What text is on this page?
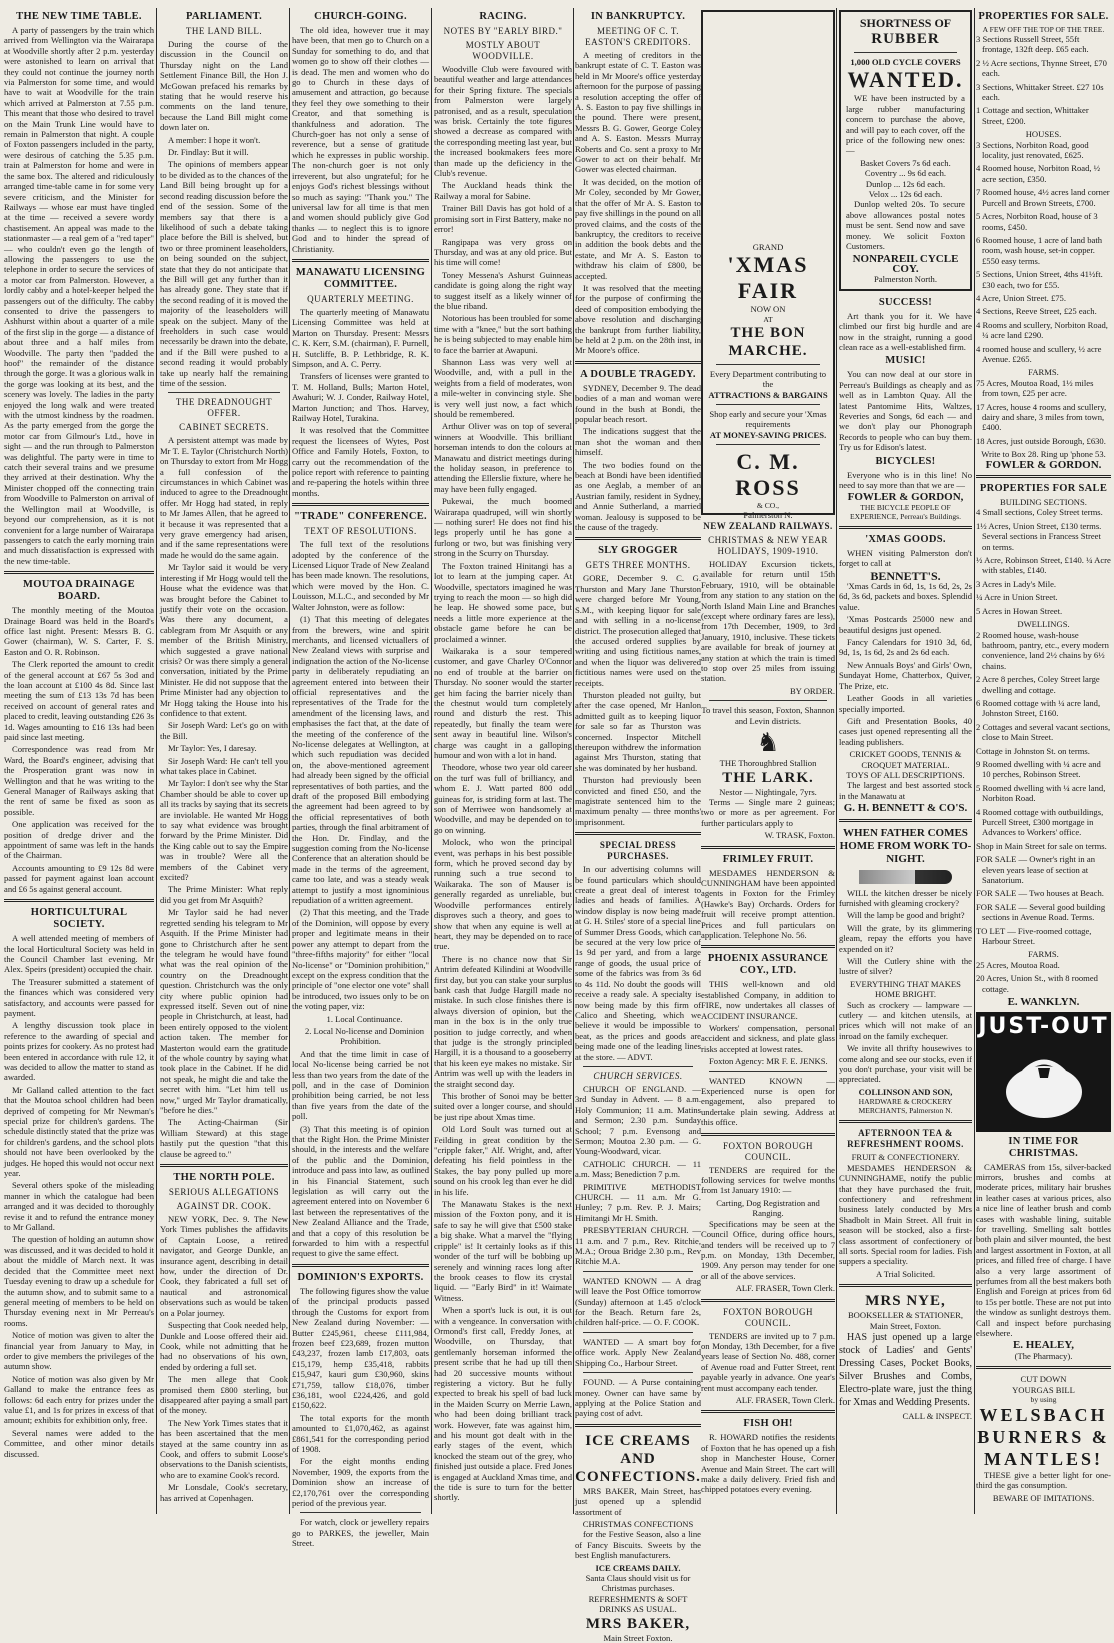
THE NEW TIME TABLE.

A party of passengers by the train which arrived from Wellington via the Wairarapa at Woodville shortly after 2 p.m. yesterday were astonished to learn on arrival that they could not continue the journey north via Palmerston for some time, and would have to wait at Woodville for the train which arrived at Palmerston at 7.55 p.m. This meant that those who desired to travel on the Main Trunk Line would have to remain in Palmerston that night. A couple of Foxton passengers included in the party, were desirous of catching the 5.35 p.m. train at Palmerston for home and were in the same box. The altered and ridiculously arranged time-table came in for some very severe criticism, and the Minister for Railways — whose ear must have tingled at the time — received a severe wordy chastisement. An appeal was made to the stationmaster — a real gem of a "red taper" — who couldn't even go the length of allowing the passengers to use the telephone in order to secure the services of a motor car from Palmerston. However, a lordly cabby and a hotel-keeper helped the passengers out of the difficulty. The cabby consented to drive the passengers to Ashhurst within about a quarter of a mile of the first slip in the gorge — a distance of about three and a half miles from Woodville. The party then "padded the hoof" the remainder of the distance through the gorge. It was a glorious walk in the gorge was looking at its best, and the scenery was lovely. The ladies in the party enjoyed the long walk and were treated with the utmost kindness by the roadmen. As the party emerged from the gorge the motor car from Gilmour's Ltd., hove in sight — and the run through to Palmerston was delightful. The party were in time to catch their several trains and we presume they arrived at their destination. Why the Minister chopped off the connecting train from Woodville to Palmerston on arrival of the Wellington mail at Woodville, is beyond our comprehension, as it is not convenient for a large number of Wairarapa passengers to catch the early morning train and much dissatisfaction is expressed with the new time-table.

MOUTOA DRAINAGE BOARD.

The monthly meeting of the Moutoa Drainage Board was held in the Board's office last night. Present: Messrs B. G. Gower (chairman), W. S. Carter, F. S. Easton and O. R. Robinson.

The Clerk reported the amount to credit of the general account at £67 5s 3od and the loan account at £100 4s 8d. Since last meeting the sum of £13 13s 7d has been received on account of general rates and placed to credit, leaving outstanding £26 3s 1d. Wages amounting to £16 13s had been paid since last meeting.

Correspondence was read from Mr Ward, the Board's engineer, advising that the Prosperation grant was now in Wellington and that he was writing to the General Manager of Railways asking that the rent of same be fixed as soon as possible.

One application was received for the position of dredge driver and the appointment of same was left in the hands of the Chairman.

Accounts amounting to £9 12s 8d were passed for payment against loan account and £6 5s against general account.

HORTICULTURAL SOCIETY.

A well attended meeting of members of the local Horticultural Society was held in the Council Chamber last evening. Mr Alex. Speirs (president) occupied the chair.

The Treasurer submitted a statement of the finances which was considered very satisfactory, and accounts were passed for payment.

A lengthy discussion took place in reference to the awarding of special and points prizes for cookery. As no protest had been entered in accordance with rule 12, it was decided to allow the matter to stand as awarded.

Mr Galland called attention to the fact that the Moutoa school children had been deprived of competing for Mr Newman's special prize for children's gardens. The schedule distinctly stated that the prize was for children's gardens, and the school plots should not have been overlooked by the judges. He hoped this would not occur next year.

Several others spoke of the misleading manner in which the catalogue had been arranged and it was decided to thoroughly revise it and to refund the entrance money to Mr Galland.

The question of holding an autumn show was discussed, and it was decided to hold it about the middle of March next. It was decided that the Committee meet next Tuesday evening to draw up a schedule for the autumn show, and to submit same to a general meeting of members to be held on Thursday evening next in Mr Perreau's rooms.

Notice of motion was given to alter the financial year from January to May, in order to give members the privileges of the autumn show.

Notice of motion was also given by Mr Galland to make the entrance fees as follows: 6d each entry for prizes under the value £1, and 1s for prizes in excess of that amount; exhibits for exhibition only, free.

Several names were added to the Committee, and other minor details discussed.

PARLIAMENT.
THE LAND BILL.

During the course of the discussion in the Council on Thursday night on the Land Settlement Finance Bill, the Hon J. McGowan prefaced his remarks by stating that he would reserve his comments on the land tenure, because the Land Bill might come down later on.

A member: I hope it won't.

Dr. Findlay: But it will.

The opinions of members appear to be divided as to the chances of the Land Bill being brought up for a second reading discussion before the end of the session. Some of the members say that there is a likelihood of such a debate taking place before the Bill is shelved, but two or three prominent leaseholders, on being sounded on the subject, state that they do not anticipate that the Bill will get any further than it has already gone. They state that if the second reading of it is moved the majority of the leaseholders will speak on the subject. Many of the freeholders in such case would necessarily be drawn into the debate, and if the Bill were pushed to a second reading it would probably take up nearly half the remaining time of the session.

THE DREADNOUGHT OFFER.
CABINET SECRETS.

A persistent attempt was made by Mr T. E. Taylor (Christchurch North) on Thursday to extort from Mr Hogg a full confession of the circumstances in which Cabinet was induced to agree to the Dreadnought offer. Mr Hogg had stated, in reply to Mr James Allen, that he agreed to it because it was represented that a very grave emergency had arisen, and if the same representations were made he would do the same again.

Mr Taylor said it would be very interesting if Mr Hogg would tell the House what the evidence was that was brought before the Cabinet to justify their vote on the occasion. Was there any document, a cablegram from Mr Asquith or any member of the British Ministry, which suggested a grave national crisis? Or was there simply a general conversation, initiated by the Prime Minister. He did not suppose that the Prime Minister had any objection to Mr Hogg taking the House into his confidence to that extent.

Sir Joseph Ward: Let's go on with the Bill.

Mr Taylor: Yes, I daresay.

Sir Joseph Ward: He can't tell you what takes place in Cabinet.

Mr Taylor: I don't see why the Star Chamber should be able to cover up all its tracks by saying that its secrets are inviolable. He wanted Mr Hogg to say what evidence was brought forward by the Prime Minister. Did the King cable out to say the Empire was in trouble? Were all the members of the Cabinet very excited?

The Prime Minister: What reply did you get from Mr Asquith?

Mr Taylor said he had never regretted sending his telegram to Mr Asquith. If the Prime Minister had gone to Christchurch after he sent the telegram he would have found what was the real opinion of the country on the Dreadnought question. Christchurch was the only city where public opinion had expressed itself. Seven out of nine people in Christchurch, at least, had been entirely opposed to the violent action taken. The member for Masterton would earn the gratitude of the whole country by saying what took place in the Cabinet. If he did not speak, he might die and take the secret with him. "Let him tell us now," urged Mr Taylor dramatically, "before he dies."

The Acting-Chairman (Sir William Steward) at this stage hastily put the question "that this clause be agreed to."

THE NORTH POLE.
SERIOUS ALLEGATIONS
AGAINST DR. COOK.

NEW YORK, Dec. 9. The New York Times publishes the affidavits of Captain Loose, a retired navigator, and George Dunkle, an insurance agent, describing in detail how, under the direction of Dr. Cook, they fabricated a full set of nautical and astronomical observations such as would be taken on a Polar journey.

Suspecting that Cook needed help, Dunkle and Loose offered their aid. Cook, while not admitting that he had no observations of his own, ended by ordering a full set.

The men allege that Cook promised them £800 sterling, but disappeared after paying a small part of the money.

The New York Times states that it has been ascertained that the men stayed at the same country inn as Cook, and offers to submit Loose's observations to the Danish scientists, who are to examine Cook's record.

Mr Lonsdale, Cook's secretary, has arrived at Copenhagen.

CHURCH-GOING.

The old idea, however true it may have been, that men go to Church on a Sunday for something to do, and that women go to show off their clothes — is dead. The men and women who do go to Church in these days of amusement and attraction, go because they feel they owe something to their Creator, and that something is thankfulness and adoration. The Church-goer has not only a sense of reverence, but a sense of gratitude which he expresses in public worship. The non-church goer is not only irreverent, but also ungrateful; for he enjoys God's richest blessings without so much as saying: "Thank you." The universal law for all time is that men and women should publicly give God thanks — to neglect this is to ignore God and to hinder the spread of Christianity.

MANAWATU LICENSING COMMITTEE.
QUARTERLY MEETING.

The quarterly meeting of Manawatu Licensing Committee was held at Marton on Thursday. Present: Messrs C. K. Kerr, S.M. (chairman), F. Purnell, H. Sutcliffe, B. P. Lethbridge, R. K. Simpson, and A. C. Perry.

Transfers of licenses were granted to T. M. Holland, Bulls; Marton Hotel, Awahuri; W. J. Conder, Railway Hotel, Marton Junction; and Thos. Harvey, Railway Hotel, Turakina.

It was resolved that the Committee request the licensees of Wytes, Post Office and Family Hotels, Foxton, to carry out the recommendation of the police report with reference to painting and re-papering the hotels within three months.

"TRADE" CONFERENCE.
TEXT OF RESOLUTIONS.

The full text of the resolutions adopted by the conference of the Licensed Liquor Trade of New Zealand has been made known. The resolutions, which were moved by the Hon. C. Louisson, M.L.C., and seconded by Mr Walter Johnston, were as follow:

(1) That this meeting of delegates from the brewers, wine and spirit merchants, and licensed victuallers of New Zealand views with surprise and indignation the action of the No-license party in deliberately repudiating an agreement entered into between their official representatives and the representatives of the Trade for the amendment of the licensing laws, and emphasises the fact that, at the date of the meeting of the conference of the No-license delegates at Wellington, at which such repudiation was decided on, the above-mentioned agreement had already been signed by the official representatives of both parties, and the draft of the proposed Bill embodying the agreement had been agreed to by the official representatives of both parties, through the final arbitrament of the Hon. Dr. Findlay, and the suggestion coming from the No-license Conference that an alteration should be made in the terms of the agreement, came too late, and was a steady weak attempt to justify a most ignominious repudiation of a written agreement.

(2) That this meeting, and the Trade of the Dominion, will oppose by every proper and legitimate means in their power any attempt to depart from the "three-fifths majority" for either "local No-license" or "Dominion prohibition," except on the express condition that the principle of "one elector one vote" shall be introduced, two issues only to be on the voting paper, viz:

1. Local Continuance.

2. Local No-license and Dominion Prohibition.

And that the time limit in case of local No-license being carried be not less than two years from the date of the poll, and in the case of Dominion prohibition being carried, be not less than five years from the date of the poll.

(3) That this meeting is of opinion that the Right Hon. the Prime Minister should, in the interests and the welfare of the public and the Dominion, introduce and pass into law, as outlined in his Financial Statement, such legislation as will carry out the agreement entered into on November 6 last between the representatives of the New Zealand Alliance and the Trade, and that a copy of this resolution be forwarded to him with a respectful request to give the same effect.

DOMINION'S EXPORTS.

The following figures show the value of the principal products passed through the Customs for export from New Zealand during November: — Butter £245,961, cheese £111,984, frozen beef £23,689, frozen mutton £43,237, frozen lamb £17,803, oats £15,179, hemp £35,418, rabbits £15,947, kauri gum £30,960, skins £71,759, tallow £18,076, timber £36,181, wool £224,426, and gold £150,622.

The total exports for the month amounted to £1,070,462, as against £861,541 for the corresponding period of 1908.

For the eight months ending November, 1909, the exports from the Dominion show an increase of £2,170,761 over the corresponding period of the previous year.

For watch, clock or jewellery repairs go to PARKES, the jeweller, Main Street.

RACING.
NOTES BY "EARLY BIRD."
MOSTLY ABOUT WOODVILLE.

Woodville Club were favoured with beautiful weather and large attendances for their Spring fixture. The specials from Palmerston were largely patronised, and as a result, speculation was brisk. Certainly the tote figures showed a decrease as compared with the corresponding meeting last year, but the increased bookmakers fees more than made up the deficiency in the Club's revenue.

The Auckland heads think the Railway a moral for Sabine.

Trainer Bill Davis has got hold of a promising sort in First Battery, make no error!

Rangipapa was very gross on Thursday, and was at any old price. But his time will come!

Toney Messena's Ashurst Guinneas candidate is going along the right way to suggest itself as a likely winner of the blue riband.

Notorious has been troubled for some time with a "knee," but the sort bathing he is being subjected to may enable him to face the barrier at Awapuni.

Shannon Lass was very well at Woodville, and, with a pull in the weights from a field of moderates, won a mile-welter in convincing style. She is very well just now, a fact which should be remembered.

Arthur Oliver was on top of several winners at Woodville. This brilliant horseman intends to don the colours at Manawatu and district meetings during the holiday season, in preference to attending the Ellerslie fixture, where he may have been fully engaged.

Pukewai, the much boomed Wairarapa quadruped, will win shortly — nothing surer! He does not find his legs properly until he has gone a furlong or two, but was finishing very strong in the Scurry on Thursday.

The Foxton trained Hinitangi has a lot to learn at the jumping caper. At Woodville, spectators imagined he was trying to reach the moon — so high did he leap. He showed some pace, but needs a little more experience at the obstacle game before he can be proclaimed a winner.

Waikaraka is a sour tempered customer, and gave Charley O'Connor no end of trouble at the barrier on Thursday. No sooner would the starter get him facing the barrier nicely than the chestnut would turn completely round and disturb the rest. This repeatedly, but finally the team were sent away in beautiful line. Wilson's charge was caught in a galloping humour and won with a lot in hand.

Theodore, whose two year old career on the turf was full of brilliancy, and whom E. J. Watt parted 800 odd guineas for, is striding form at last. The son of Merriwee won handsomely at Woodville, and may be depended on to go on winning.

Molock, who won the principal event, was perhaps in his best possible form, which he proved second day by running such a true second to Waikaraka. The son of Mauser is generally regarded as unreliable, but Woodville performances entirely disproves such a theory, and goes to show that when any equine is well at heart, they may be depended on to race true.

There is no chance now that Sir Antrim defeated Kilindini at Woodville first day, but you can stake your surplus bank cash that Judge Hargill made no mistake. In such close finishes there is always diversion of opinion, but the man in the box is in the only true position to judge correctly, and when that judge is the strongly principled Hargill, it is a thousand to a gooseberry that his keen eye makes no mistake. Sir Antrim was well up with the leaders in the straight second day.

This brother of Sonoi may be better suited over a longer course, and should be just ripe about Xmas time.

Old Lord Soult was turned out at Feilding in great condition by the "cripple faker," Alf. Wright, and, after defeating his field pointless in the Stakes, the bay pony pulled up more sound on his crook leg than ever he did in his life.

The Manawatu Stakes is the next mission of the Foxton pony, and it is safe to say he will give that £500 stake a big shake. What a marvel the "flying cripple" is! It certainly looks as if this wonder of the turf will be bobbing up serenely and winning races long after the brook ceases to flow its crystal liquid. — "Early Bird" in it! Waimate Witness.

When a sport's luck is out, it is out with a vengeance. In conversation with Ormond's first call, Freddy Jones, at Woodville, on Thursday, that gentlemanly horseman informed the present scribe that he had up till then had 20 successive mounts without registering a victory. But he fully expected to break his spell of bad luck in the Maiden Scurry on Merrie Lawn, who had been doing brilliant track work. However, fate was against him, and his mount got dealt with in the early stages of the event, which knocked the steam out of the grey, who finished just outside a place. Fred Jones is engaged at Auckland Xmas time, and the tide is sure to turn for the better shortly.

IN BANKRUPTCY.
MEETING OF C. T. EASTON'S CREDITORS.

A meeting of creditors in the bankrupt estate of C. T. Easton was held in Mr Moore's office yesterday afternoon for the purpose of passing a resolution accepting the offer of A. S. Easton to pay five shillings in the pound. There were present, Messrs B. G. Gower, George Coley and A. S. Easton. Messrs Murray Roberts and Co. sent a proxy to Mr Gower to act on their behalf. Mr Gower was elected chairman.

It was decided, on the motion of Mr Coley, seconded by Mr Gower, that the offer of Mr A. S. Easton to pay five shillings in the pound on all proved claims, and the costs of the bankruptcy, the creditors to receive in addition the book debts and the estate, and Mr A. S. Easton to withdraw his claim of £800, be accepted.

It was resolved that the meeting for the purpose of confirming the deed of composition embodying the above resolution and discharging the bankrupt from further liability, be held at 2 p.m. on the 28th inst, in Mr Moore's office.

A DOUBLE TRAGEDY.

SYDNEY, December 9. The dead bodies of a man and woman were found in the bush at Bondi, the popular beach resort.

The indications suggest that the man shot the woman and then himself.

The two bodies found on the beach at Bondi have been identified as one Aeglab, a member of an Austrian family, resident in Sydney, and Annie Sutherland, a married woman. Jealousy is supposed to be the cause of the tragedy.

SLY GROGGER
GETS THREE MONTHS.

GORE, December 9. C. G. Thurston and Mary Jane Thurston were charged before Mr Young, S.M., with keeping liquor for sale and with selling in a no-license district. The prosecution alleged that the accused ordered supplies by writing and using fictitious names, and when the liquor was delivered fictitious names were used on the receipts.

Thurston pleaded not guilty, but after the case opened, Mr Hanlon admitted guilt as to keeping liquor for sale so far as Thurston was concerned. Inspector Mitchell thereupon withdrew the information against Mrs Thurston, stating that she was dominated by her husband.

Thurston had previously been convicted and fined £50, and the magistrate sentenced him to the maximum penalty — three months' imprisonment.

SPECIAL DRESS PURCHASES.

In our advertising columns will be found particulars which should create a great deal of interest to ladies and heads of families. A window display is now being made at G. H. Stiles' store of a special line of Summer Dress Goods, which can be secured at the very low price of 1s 9d per yard, and from a large range of goods, the usual price of some of the fabrics was from 3s 6d to 4s 11d. No doubt the goods will receive a ready sale. A specialty is now being made by this firm of Calico and Sheeting, which we believe it would be impossible to beat, as the prices and goods are being made one of the leading lines at the store. — ADVT.

CHURCH SERVICES.

CHURCH OF ENGLAND. — 3rd Sunday in Advent. — 8 a.m. Holy Communion; 11 a.m. Matins and Sermon; 2.30 p.m. Sunday School; 7 p.m. Evensong and Sermon; Moutoa 2.30 p.m. — G. Young-Woodward, vicar.

CATHOLIC CHURCH. — 11 a.m. Mass; Benediction 7 p.m.

PRIMITIVE METHODIST CHURCH. — 11 a.m. Mr G. Hunley; 7 p.m. Rev. P. J. Mairs; Himitangi Mr H. Smith.

PRESBYTERIAN CHURCH. — 11 a.m. and 7 p.m., Rev. Ritchie, M.A.; Oroua Bridge 2.30 p.m., Rev Ritchie M.A.

WANTED KNOWN — A drag will leave the Post Office tomorrow (Sunday) afternoon at 1.45 o'clock for the Beach. Return fare 2s, children half-price. — O. F. COOK.

WANTED — A smart boy for office work. Apply New Zealand Shipping Co., Harbour Street.

FOUND. — A Purse containing money. Owner can have same by applying at the Police Station and paying cost of advt.

ICE CREAMS AND CONFECTIONS.

MRS BAKER, Main Street, has just opened up a splendid assortment of

CHRISTMAS CONFECTIONS

for the Festive Season, also a line of Fancy Biscuits. Sweets by the best English manufacturers.

ICE CREAMS DAILY.
Santa Claus should visit us for Christmas purchases.
REFRESHMENTS & SOFT DRINKS AS USUAL.
MRS BAKER,
Main Street Foxton.
GRAND
'XMAS FAIR
NOW ON
AT
THE BON MARCHE.
Every Department contributing to the
ATTRACTIONS & BARGAINS
Shop early and secure your 'Xmas requirements
AT MONEY-SAVING PRICES.
C. M. ROSS
& CO.,
Palmerston N.
NEW ZEALAND RAILWAYS.
CHRISTMAS & NEW YEAR HOLIDAYS, 1909-1910.

HOLIDAY Excursion tickets, available for return until 15th February, 1910, will be obtainable from any station to any station on the North Island Main Line and Branches (except where ordinary fares are less), from 17th December, 1909, to 3rd January, 1910, inclusive. These tickets are available for break of journey at any station at which the train is timed to stop over 25 miles from issuing station.

BY ORDER.

To travel this season, Foxton, Shannon and Levin districts.

♞
THE Thoroughbred Stallion
THE LARK.
Nestor — Nightingale, 7yrs.

Terms — Single mare 2 guineas; two or more as per agreement. For further particulars apply to

W. TRASK, Foxton.
FRIMLEY FRUIT.

MESDAMES HENDERSON & CUNNINGHAM have been appointed agents in Foxton for the Frimley (Hawke's Bay) Orchards. Orders for fruit will receive prompt attention. Prices and full particulars on application. Telephone No. 56.

PHOENIX ASSURANCE COY., LTD.

THIS well-known and old established Company, in addition to FIRE, now undertakes all classes of ACCIDENT INSURANCE.

Workers' compensation, personal accident and sickness, and plate glass risks accepted at lowest rates.

Foxton Agency: MR F. E. JENKS.

WANTED KNOWN — Experienced nurse is open for engagement, also prepared to undertake plain sewing. Address at this office.

FOXTON BOROUGH COUNCIL.

TENDERS are required for the following services for twelve months from 1st January 1910: —

Carting, Dog Registration and Ranging.

Specifications may be seen at the Council Office, during office hours, and tenders will be received up to 7 p.m. on Monday, 13th December, 1909. Any person may tender for one or all of the above services.

ALF. FRASER, Town Clerk.
FOXTON BOROUGH COUNCIL.

TENDERS are invited up to 7 p.m. on Monday, 13th December, for a five years lease of Section No. 488, corner of Avenue road and Futter Street, rent payable yearly in advance. One year's rent must accompany each tender.

ALF. FRASER, Town Clerk.
FISH OH!

R. HOWARD notifies the residents of Foxton that he has opened up a fish shop in Manchester House, Corner Avenue and Main Street. The cart will make a daily delivery. Fried fish and chipped potatoes every evening.

SHORTNESS OF
RUBBER
1,000 OLD CYCLE COVERS
WANTED.

WE have been instructed by a large rubber manufacturing concern to purchase the above, and will pay to each cover, off the price of the following new ones: —

Basket Covers 7s 6d each.
Coventry ... 9s 6d each.
Dunlop ... 12s 6d each.
Velox ... 12s 6d each.

Dunlop welted 20s. To secure above allowances postal notes must be sent. Send now and save money. We solicit Foxton Customers.

NONPAREIL CYCLE COY.
Palmerston North.
SUCCESS!

Art thank you for it. We have climbed our first big hurdle and are now in the straight, running a good clean race as a well-established firm.

MUSIC!

You can now deal at our store in Perreau's Buildings as cheaply and as well as in Lambton Quay. All the latest Pantomime Hits, Waltzes, Reveries and Songs, 6d each — and we don't play our Phonograph Records to people who can buy them. Try us for Edison's latest.

BICYCLES!

Everyone who is in this line! No need to say more than that we are —

FOWLER & GORDON,
THE BICYCLE PEOPLE OF EXPERIENCE, Perreau's Buildings.
'XMAS GOODS.

WHEN visiting Palmerston don't forget to call at

BENNETT'S.

'Xmas Cards in 6d, 1s, 1s 6d, 2s, 2s 6d, 3s 6d, packets and boxes. Splendid value.

'Xmas Postcards 25000 new and beautiful designs just opened.

Fancy Calendars for 1910 3d, 6d, 9d, 1s, 1s 6d, 2s and 2s 6d each.

New Annuals Boys' and Girls' Own, Sundayat Home, Chatterbox, Quiver, The Prize, etc.

Leather Goods in all varieties specially imported.

Gift and Presentation Books, 40 cases just opened representing all the leading publishers.

CRICKET GOODS, TENNIS & CROQUET MATERIAL.
TOYS OF ALL DESCRIPTIONS.

The largest and best assorted stock in the Manawatu at

G. H. BENNETT & CO'S.
WHEN FATHER COMES HOME FROM WORK TO-NIGHT.

WILL the kitchen dresser be nicely furnished with gleaming crockery?

Will the lamp be good and bright?

Will the grate, by its glimmering gleam, repay the efforts you have expended on it?

Will the Cutlery shine with the lustre of silver?

EVERYTHING THAT MAKES HOME BRIGHT.

Such as crockery — lampware — cutlery — and kitchen utensils, at prices which will not make of an inroad on the family exchequer.

We invite all thrifty housewives to come along and see our stocks, even if you don't purchase, your visit will be appreciated.

COLLINSON AND SON,
HARDWARE & CROCKERY MERCHANTS, Palmerston N.
AFTERNOON TEA & REFRESHMENT ROOMS.
FRUIT & CONFECTIONERY.

MESDAMES HENDERSON & CUNNINGHAME, notify the public that they have purchased the fruit, confectionery and refreshment business lately conducted by Mrs Shadbolt in Main Street. All fruit in season will be stocked, also a first-class assortment of confectionery of all sorts. Special room for ladies. Fish suppers a speciality.

A Trial Solicited.
MRS NYE,
BOOKSELLER & STATIONER,
Main Street, Foxton.

HAS just opened up a large stock of Ladies' and Gents' Dressing Cases, Pocket Books, Silver Brushes and Combs, Electro-plate ware, just the thing for Xmas and Wedding Presents.

CALL & INSPECT.
PROPERTIES FOR SALE.
A FEW OFF THE TOP OF THE TREE.
3 Sections Russell Street, 55ft frontage, 132ft deep. £65 each.
2 ½ Acre sections, Thynne Street, £70 each.
3 Sections, Whittaker Street. £27 10s each.
1 Cottage and section, Whittaker Street, £200.
HOUSES.
3 Sections, Norbiton Road, good locality, just renovated, £625.
4 Roomed house, Norbiton Road, ½ acre section, £350.
7 Roomed house, 4½ acres land corner Purcell and Brown Streets, £700.
5 Acres, Norbiton Road, house of 3 rooms, £450.
6 Roomed house, 1 acre of land bath room, wash house, set-in copper. £550 easy terms.
5 Sections, Union Street, 4ths 41½ft. £30 each, two for £55.
4 Acre, Union Street. £75.
4 Sections, Reeve Street, £25 each.
4 Rooms and scullery, Norbiton Road, ¼ acre land £290.
4 roomed house and scullery, ½ acre Avenue. £265.
FARMS.
75 Acres, Moutoa Road, 1½ miles from town, £25 per acre.
17 Acres, house 4 rooms and scullery, dairy and share, 3 miles from town, £400.
18 Acres, just outside Borough, £630.
Write to Box 28. Ring up 'phone 53.
FOWLER & GORDON.
PROPERTIES FOR SALE
BUILDING SECTIONS.
4 Small sections, Coley Street terms.
1½ Acres, Union Street, £130 terms. Several sections in Francess Street on terms.
½ Acre, Robinson Street, £140. ¼ Acre with stables, £140.
3 Acres in Lady's Mile.
¼ Acre in Union Street.
5 Acres in Howan Street.
DWELLINGS.
2 Roomed house, wash-house bathroom, pantry, etc., every modern convenience, land 2½ chains by 6½ chains.
2 Acre 8 perches, Coley Street large dwelling and cottage.
6 Roomed cottage with ¼ acre land, Johnston Street, £160.
2 Cottages and several vacant sections, close to Main Street.
Cottage in Johnston St. on terms.
9 Roomed dwelling with ¼ acre and 10 perches, Robinson Street.
5 Roomed dwelling with ¼ acre land, Norbiton Road.
4 Roomed cottage with outbuildings, Purcell Street, £300 mortgage in Advances to Workers' office.
Shop in Main Street for sale on terms.
FOR SALE — Owner's right in an eleven years lease of section at Sanatorium.
FOR SALE — Two houses at Beach.
FOR SALE — Several good building sections in Avenue Road. Terms.
TO LET — Five-roomed cottage, Harbour Street.
FARMS.
25 Acres, Moutoa Road.
20 Acres, Union St., with 8 roomed cottage.
E. WANKLYN.
JUST-OUT
IN TIME FOR CHRISTMAS.

CAMERAS from 15s, silver-backed mirrors, brushes and combs at moderate prices, military hair brushes in leather cases at various prices, also a nice line of leather brush and comb cases with washable lining, suitable for travelling. Smelling salt bottles both plain and silver mounted, the best and largest assortment in Foxton, at all prices, and filled free of charge. I have also a very large assortment of perfumes from all the best makers both English and Foreign at prices from 6d to 15s per bottle. These are not put into the window as sunlight destroys them. Call and inspect before purchasing elsewhere.

E. HEALEY,
(The Pharmacy).
CUT DOWN
YOURGAS BILL
by using
WELSBACH
BURNERS &
MANTLES!

THESE give a better light for one-third the gas consumption.

BEWARE OF IMITATIONS.
